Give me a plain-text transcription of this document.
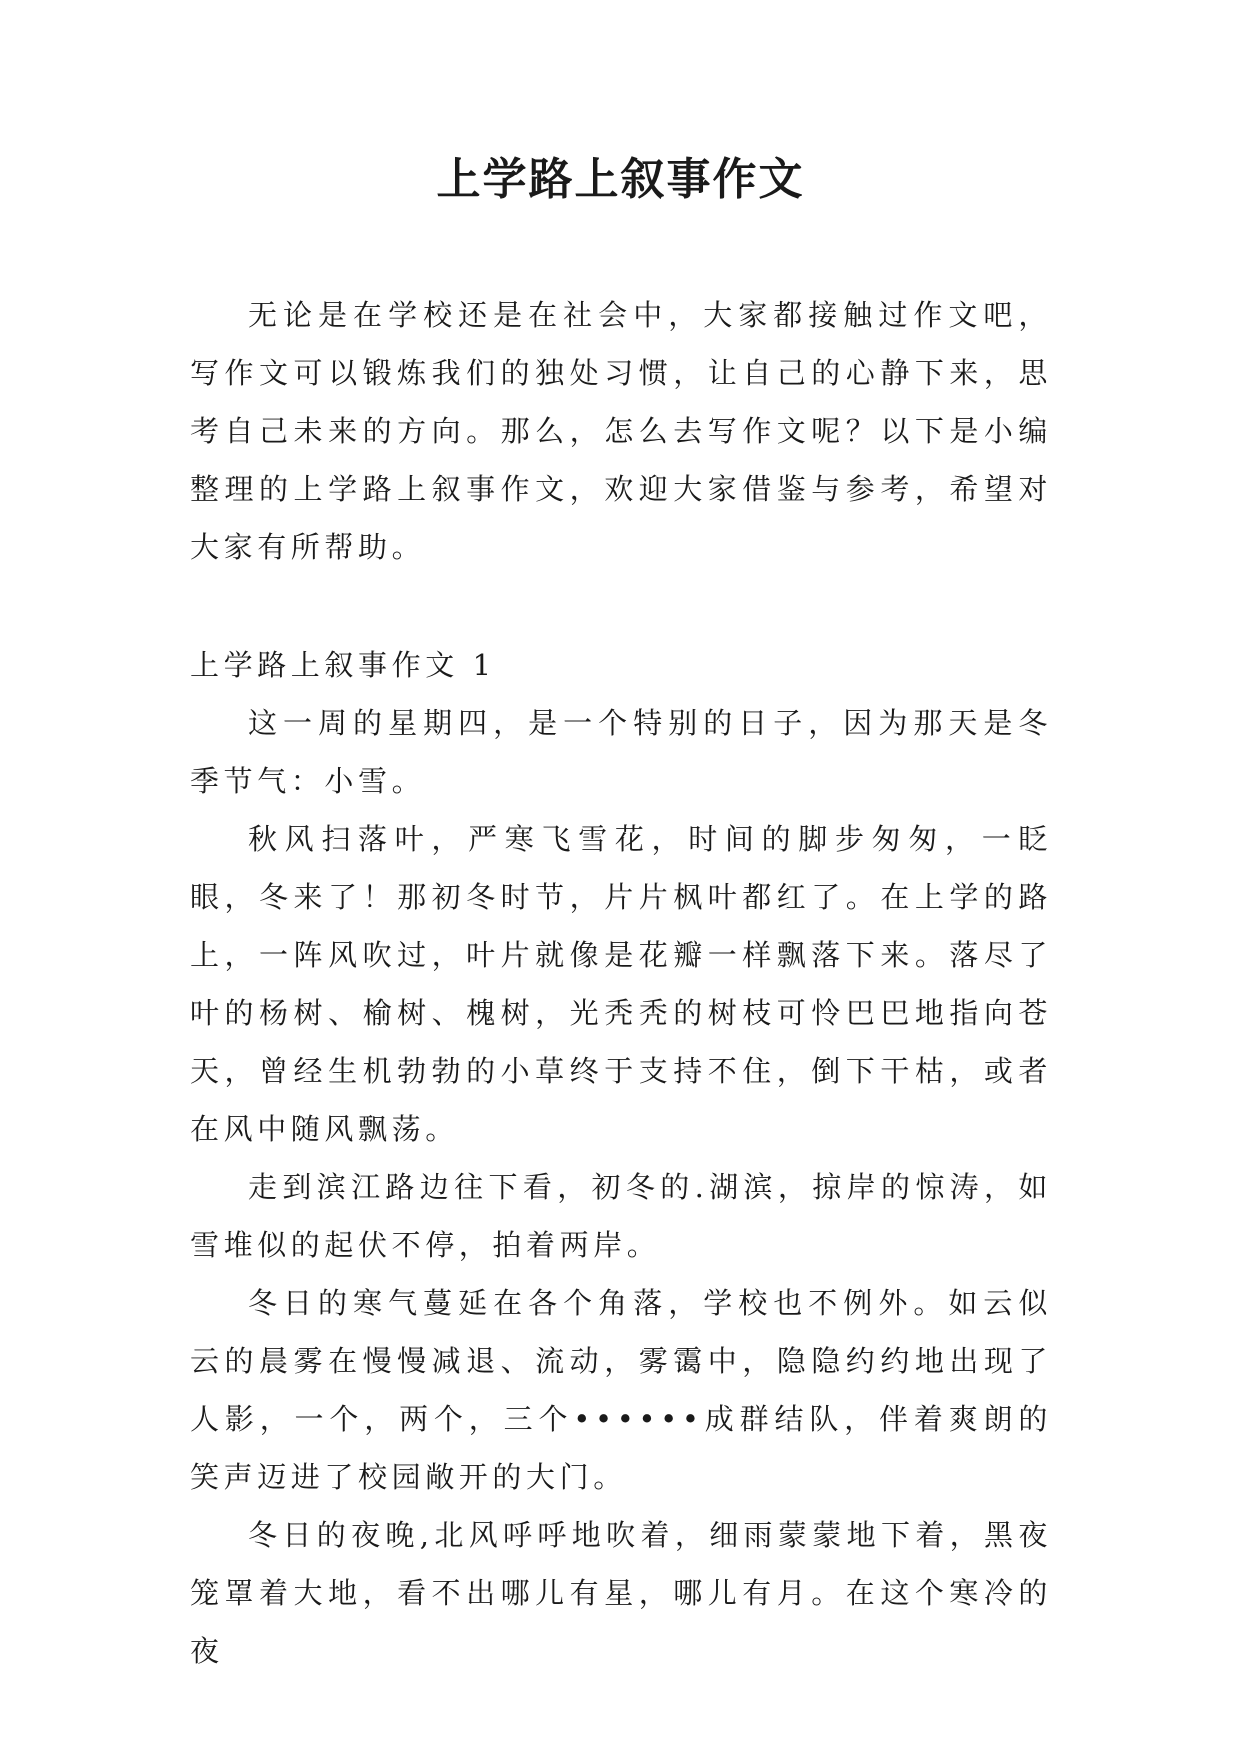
上学路上叙事作文

无论是在学校还是在社会中，大家都接触过作文吧，写作文可以锻炼我们的独处习惯，让自己的心静下来，思考自己未来的方向。那么，怎么去写作文呢？以下是小编整理的上学路上叙事作文，欢迎大家借鉴与参考，希望对大家有所帮助。

上学路上叙事作文 1

这一周的星期四，是一个特别的日子，因为那天是冬季节气：小雪。

秋风扫落叶，严寒飞雪花，时间的脚步匆匆，一眨眼，冬来了！那初冬时节，片片枫叶都红了。在上学的路上，一阵风吹过，叶片就像是花瓣一样飘落下来。落尽了叶的杨树、榆树、槐树，光秃秃的树枝可怜巴巴地指向苍天，曾经生机勃勃的小草终于支持不住，倒下干枯，或者在风中随风飘荡。

走到滨江路边往下看，初冬的.湖滨，掠岸的惊涛，如雪堆似的起伏不停，拍着两岸。

冬日的寒气蔓延在各个角落，学校也不例外。如云似云的晨雾在慢慢减退、流动，雾霭中，隐隐约约地出现了人影，一个，两个，三个••••••成群结队，伴着爽朗的笑声迈进了校园敞开的大门。

冬日的夜晚,北风呼呼地吹着，细雨蒙蒙地下着，黑夜笼罩着大地，看不出哪儿有星，哪儿有月。在这个寒冷的夜
